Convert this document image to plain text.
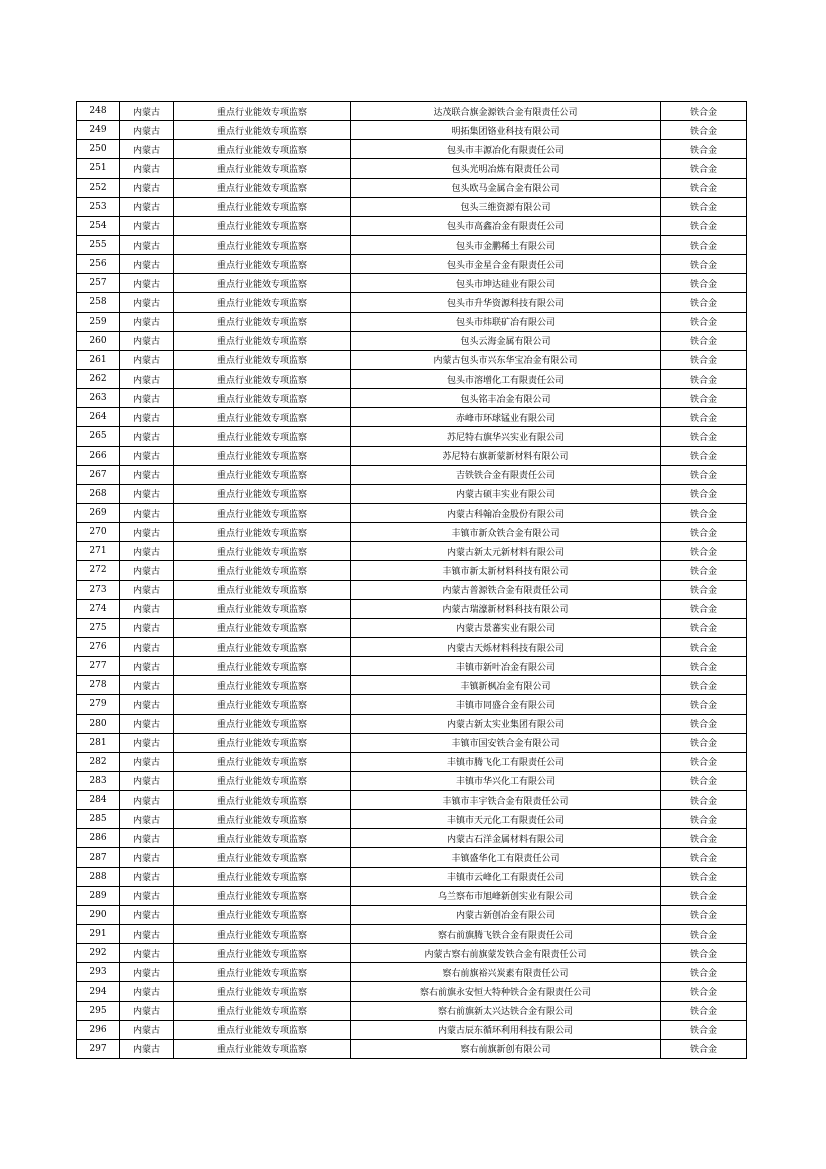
248	内蒙古	重点行业能效专项监察	达茂联合旗金源铁合金有限责任公司	铁合金
249	内蒙古	重点行业能效专项监察	明拓集团铬业科技有限公司	铁合金
250	内蒙古	重点行业能效专项监察	包头市丰源冶化有限责任公司	铁合金
251	内蒙古	重点行业能效专项监察	包头光明冶炼有限责任公司	铁合金
252	内蒙古	重点行业能效专项监察	包头欧马金属合金有限公司	铁合金
253	内蒙古	重点行业能效专项监察	包头三维资源有限公司	铁合金
254	内蒙古	重点行业能效专项监察	包头市高鑫冶金有限责任公司	铁合金
255	内蒙古	重点行业能效专项监察	包头市金鹏稀土有限公司	铁合金
256	内蒙古	重点行业能效专项监察	包头市金星合金有限责任公司	铁合金
257	内蒙古	重点行业能效专项监察	包头市坤达硅业有限公司	铁合金
258	内蒙古	重点行业能效专项监察	包头市升华资源科技有限公司	铁合金
259	内蒙古	重点行业能效专项监察	包头市炜联矿冶有限公司	铁合金
260	内蒙古	重点行业能效专项监察	包头云海金属有限公司	铁合金
261	内蒙古	重点行业能效专项监察	内蒙古包头市兴东华宝冶金有限公司	铁合金
262	内蒙古	重点行业能效专项监察	包头市溶增化工有限责任公司	铁合金
263	内蒙古	重点行业能效专项监察	包头铭丰冶金有限公司	铁合金
264	内蒙古	重点行业能效专项监察	赤峰市环球锰业有限公司	铁合金
265	内蒙古	重点行业能效专项监察	苏尼特右旗华兴实业有限公司	铁合金
266	内蒙古	重点行业能效专项监察	苏尼特右旗新蒙新材料有限公司	铁合金
267	内蒙古	重点行业能效专项监察	吉铁铁合金有限责任公司	铁合金
268	内蒙古	重点行业能效专项监察	内蒙古硕丰实业有限公司	铁合金
269	内蒙古	重点行业能效专项监察	内蒙古科翰冶金股份有限公司	铁合金
270	内蒙古	重点行业能效专项监察	丰镇市新众铁合金有限公司	铁合金
271	内蒙古	重点行业能效专项监察	内蒙古新太元新材料有限公司	铁合金
272	内蒙古	重点行业能效专项监察	丰镇市新太新材料科技有限公司	铁合金
273	内蒙古	重点行业能效专项监察	内蒙古普源铁合金有限责任公司	铁合金
274	内蒙古	重点行业能效专项监察	内蒙古瑞濠新材料科技有限公司	铁合金
275	内蒙古	重点行业能效专项监察	内蒙古景蕃实业有限公司	铁合金
276	内蒙古	重点行业能效专项监察	内蒙古天烁材料科技有限公司	铁合金
277	内蒙古	重点行业能效专项监察	丰镇市新叶冶金有限公司	铁合金
278	内蒙古	重点行业能效专项监察	丰镇新枫冶金有限公司	铁合金
279	内蒙古	重点行业能效专项监察	丰镇市同盛合金有限公司	铁合金
280	内蒙古	重点行业能效专项监察	内蒙古新太实业集团有限公司	铁合金
281	内蒙古	重点行业能效专项监察	丰镇市国安铁合金有限公司	铁合金
282	内蒙古	重点行业能效专项监察	丰镇市腾飞化工有限责任公司	铁合金
283	内蒙古	重点行业能效专项监察	丰镇市华兴化工有限公司	铁合金
284	内蒙古	重点行业能效专项监察	丰镇市丰宇铁合金有限责任公司	铁合金
285	内蒙古	重点行业能效专项监察	丰镇市天元化工有限责任公司	铁合金
286	内蒙古	重点行业能效专项监察	内蒙古石洋金属材料有限公司	铁合金
287	内蒙古	重点行业能效专项监察	丰镇盛华化工有限责任公司	铁合金
288	内蒙古	重点行业能效专项监察	丰镇市云峰化工有限责任公司	铁合金
289	内蒙古	重点行业能效专项监察	乌兰察布市旭峰新创实业有限公司	铁合金
290	内蒙古	重点行业能效专项监察	内蒙古新创冶金有限公司	铁合金
291	内蒙古	重点行业能效专项监察	察右前旗腾飞铁合金有限责任公司	铁合金
292	内蒙古	重点行业能效专项监察	内蒙古察右前旗蒙发铁合金有限责任公司	铁合金
293	内蒙古	重点行业能效专项监察	察右前旗裕兴炭素有限责任公司	铁合金
294	内蒙古	重点行业能效专项监察	察右前旗永安恒大特种铁合金有限责任公司	铁合金
295	内蒙古	重点行业能效专项监察	察右前旗新太兴达铁合金有限公司	铁合金
296	内蒙古	重点行业能效专项监察	内蒙古辰东循环利用科技有限公司	铁合金
297	内蒙古	重点行业能效专项监察	察右前旗新创有限公司	铁合金
